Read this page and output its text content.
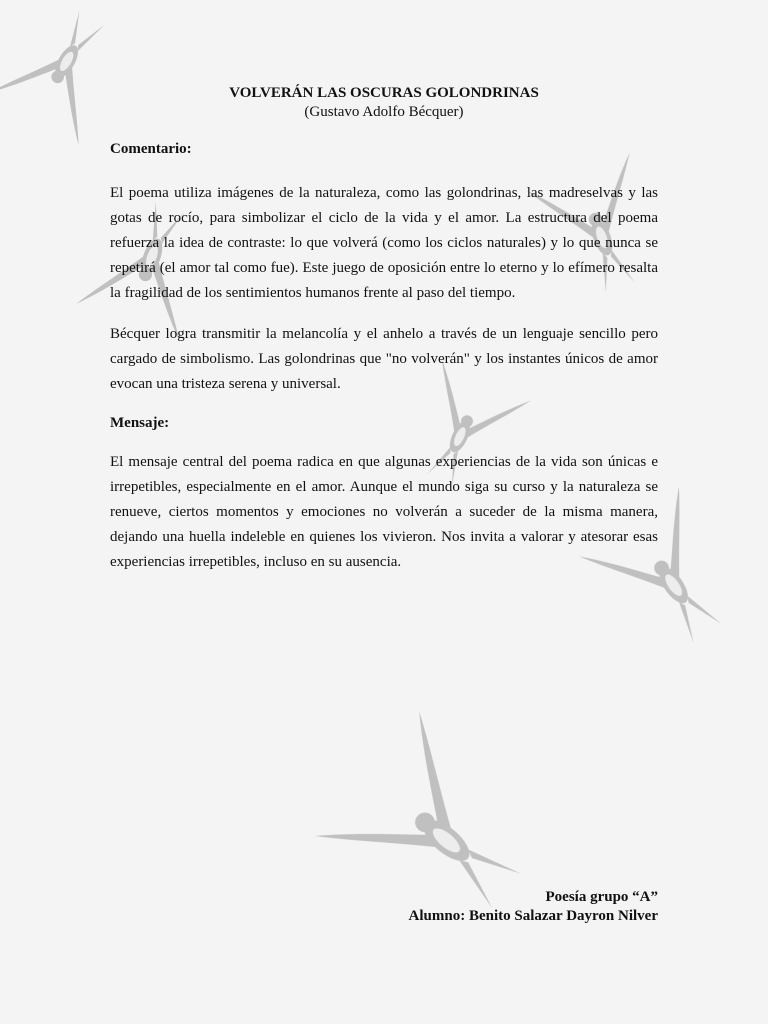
VOLVERÁN LAS OSCURAS GOLONDRINAS

(Gustavo Adolfo Bécquer)

Comentario:

El poema utiliza imágenes de la naturaleza, como las golondrinas, las madreselvas y las gotas de rocío, para simbolizar el ciclo de la vida y el amor. La estructura del poema refuerza la idea de contraste: lo que volverá (como los ciclos naturales) y lo que nunca se repetirá (el amor tal como fue). Este juego de oposición entre lo eterno y lo efímero resalta la fragilidad de los sentimientos humanos frente al paso del tiempo.

Bécquer logra transmitir la melancolía y el anhelo a través de un lenguaje sencillo pero cargado de simbolismo. Las golondrinas que "no volverán" y los instantes únicos de amor evocan una tristeza serena y universal.

Mensaje:

El mensaje central del poema radica en que algunas experiencias de la vida son únicas e irrepetibles, especialmente en el amor. Aunque el mundo siga su curso y la naturaleza se renueve, ciertos momentos y emociones no volverán a suceder de la misma manera, dejando una huella indeleble en quienes los vivieron. Nos invita a valorar y atesorar esas experiencias irrepetibles, incluso en su ausencia.

Poesía grupo “A”
Alumno: Benito Salazar Dayron Nilver
